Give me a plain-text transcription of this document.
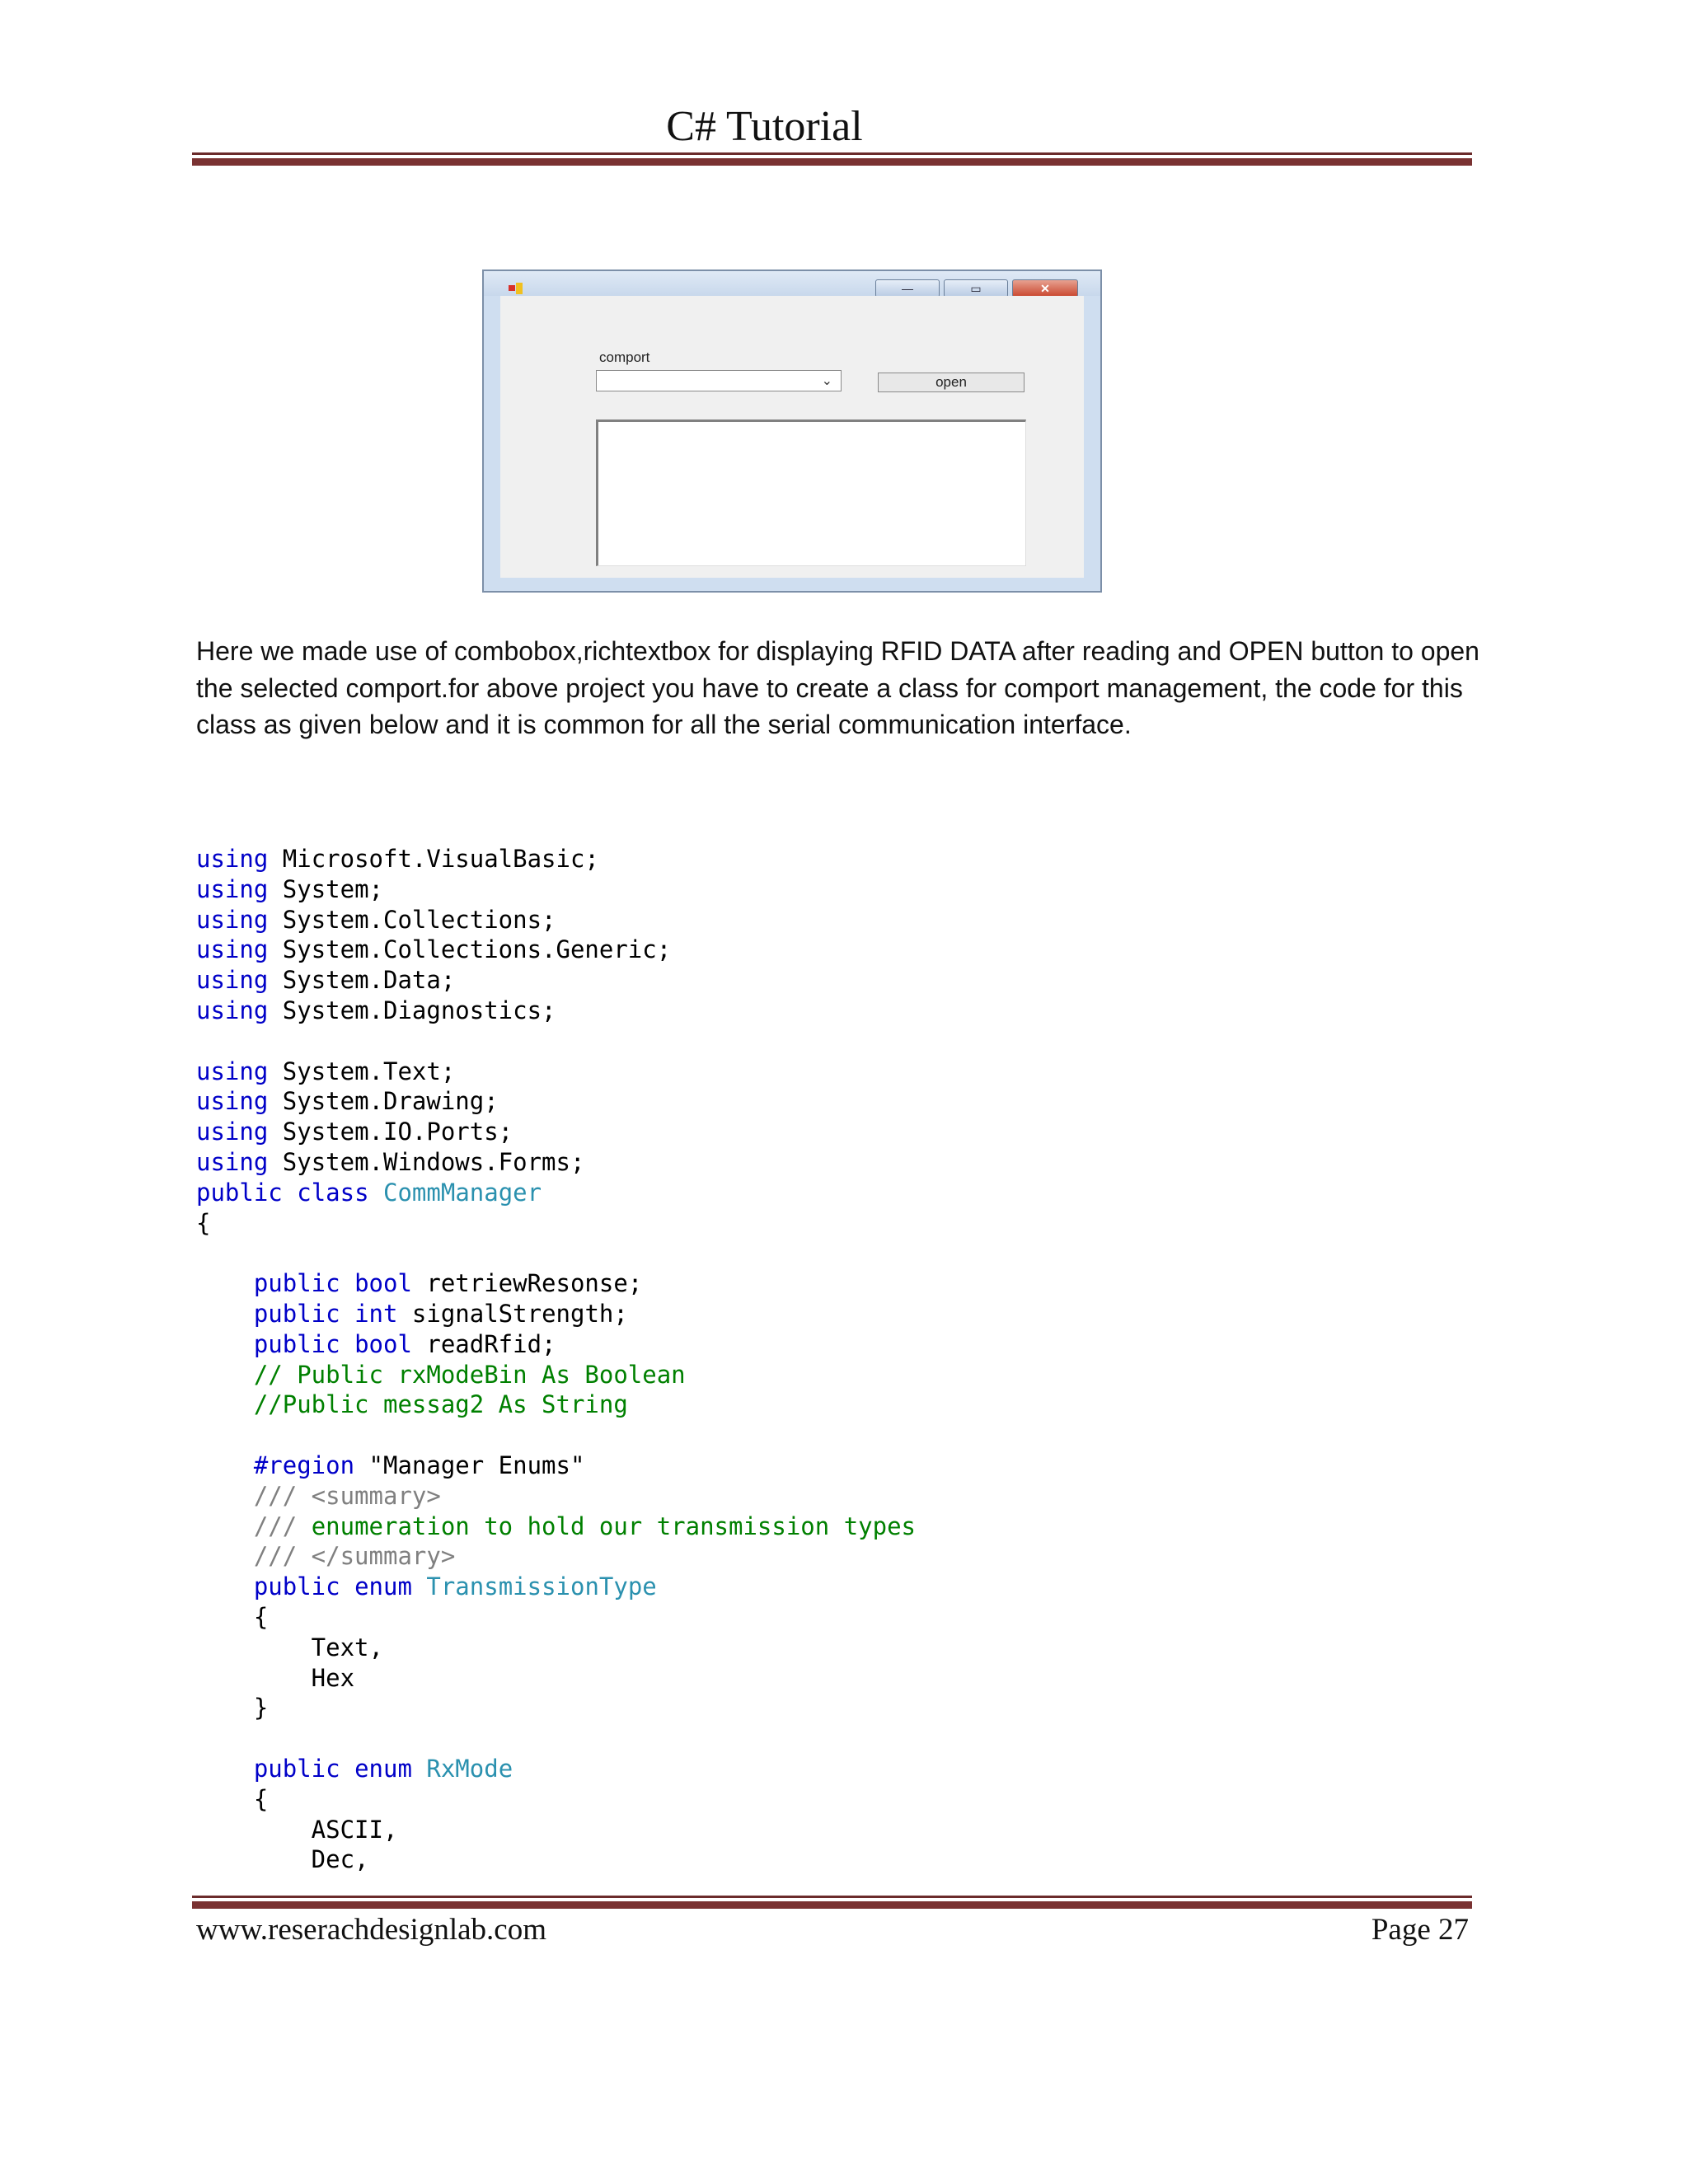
C# Tutorial
—	▭	✕
comport
⌄	open
Here we made use of combobox,richtextbox for displaying RFID DATA after reading and OPEN button to open the selected comport.for above project you have to create a class for comport management, the code for this class as given below and it is common for all the serial communication interface.
using Microsoft.VisualBasic;
using System;
using System.Collections;
using System.Collections.Generic;
using System.Data;
using System.Diagnostics;

using System.Text;
using System.Drawing;
using System.IO.Ports;
using System.Windows.Forms;
public class CommManager
{

public bool retriewResonse;
public int signalStrength;
public bool readRfid;
// Public rxModeBin As Boolean
//Public messag2 As String

#region "Manager Enums"
/// <summary>
/// enumeration to hold our transmission types
/// </summary>
public enum TransmissionType
{
Text,
Hex
}

public enum RxMode
{
ASCII,
Dec,
www.reserachdesignlab.com	Page 27
